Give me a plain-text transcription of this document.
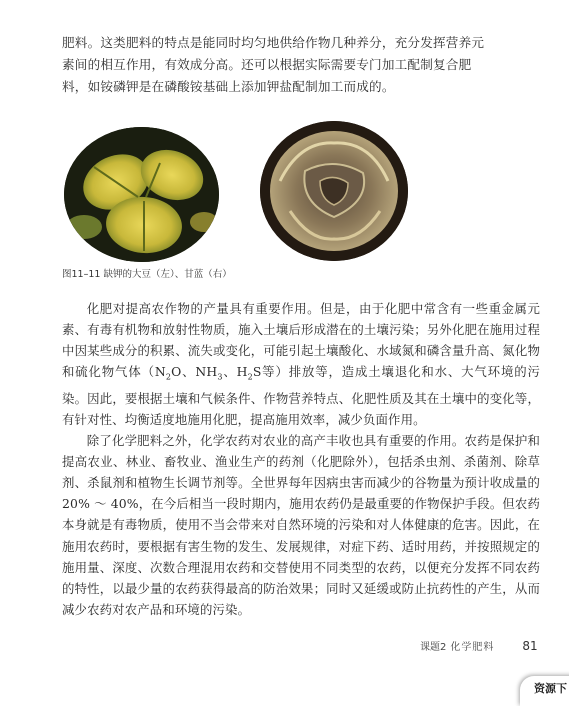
肥料。这类肥料的特点是能同时均匀地供给作物几种养分，充分发挥营养元素间的相互作用，有效成分高。还可以根据实际需要专门加工配制复合肥料，如铵磷钾是在磷酸铵基础上添加钾盐配制加工而成的。
图11–11 缺钾的大豆（左）、甘蓝（右）

化肥对提高农作物的产量具有重要作用。但是，由于化肥中常含有一些重金属元素、有毒有机物和放射性物质，施入土壤后形成潜在的土壤污染；另外化肥在施用过程中因某些成分的积累、流失或变化，可能引起土壤酸化、水域氮和磷含量升高、氮化物和硫化物气体（$N_2O$、$NH_3$、$H_2S$等）排放等，造成土壤退化和水、大气环境的污染。因此，要根据土壤和气候条件、作物营养特点、化肥性质及其在土壤中的变化等，有针对性、均衡适度地施用化肥，提高施用效率，减少负面作用。

除了化学肥料之外，化学农药对农业的高产丰收也具有重要的作用。农药是保护和提高农业、林业、畜牧业、渔业生产的药剂（化肥除外），包括杀虫剂、杀菌剂、除草剂、杀鼠剂和植物生长调节剂等。全世界每年因病虫害而减少的谷物量为预计收成量的20% ～ 40%，在今后相当一段时期内，施用农药仍是最重要的作物保护手段。但农药本身就是有毒物质，使用不当会带来对自然环境的污染和对人体健康的危害。因此，在施用农药时，要根据有害生物的发生、发展规律，对症下药、适时用药，并按照规定的施用量、深度、次数合理混用农药和交替使用不同类型的农药，以便充分发挥不同农药的特性，以最少量的农药获得最高的防治效果；同时又延缓或防止抗药性的产生，从而减少农药对农产品和环境的污染。

课题2 化学肥料 81
资源下
